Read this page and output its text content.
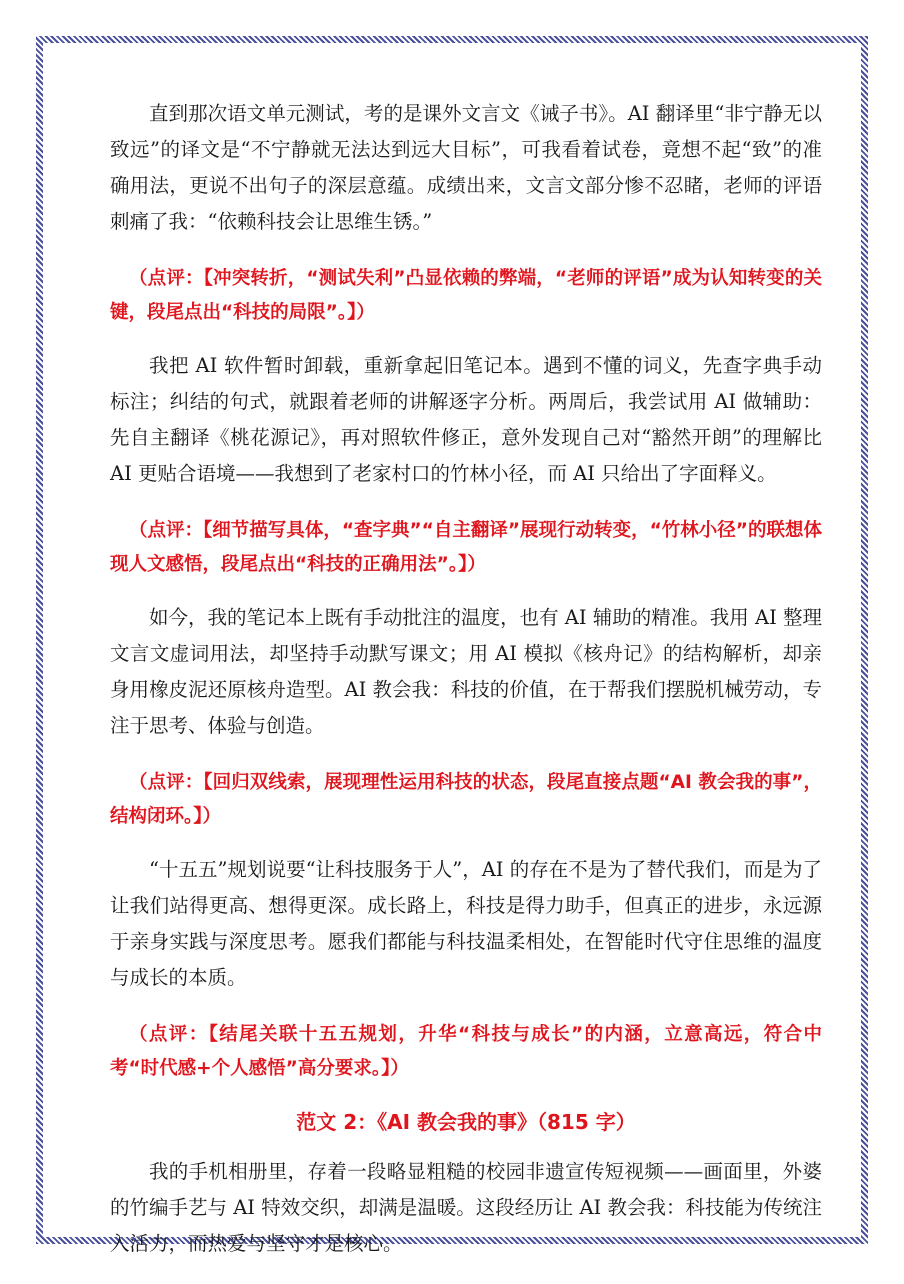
直到那次语文单元测试，考的是课外文言文《诫子书》。AI 翻译里“非宁静无以致远”的译文是“不宁静就无法达到远大目标”，可我看着试卷，竟想不起“致”的准确用法，更说不出句子的深层意蕴。成绩出来，文言文部分惨不忍睹，老师的评语刺痛了我：“依赖科技会让思维生锈。”

（点评：【冲突转折，“测试失利”凸显依赖的弊端，“老师的评语”成为认知转变的关键，段尾点出“科技的局限”。】）

我把 AI 软件暂时卸载，重新拿起旧笔记本。遇到不懂的词义，先查字典手动标注；纠结的句式，就跟着老师的讲解逐字分析。两周后，我尝试用 AI 做辅助：先自主翻译《桃花源记》，再对照软件修正，意外发现自己对“豁然开朗”的理解比 AI 更贴合语境——我想到了老家村口的竹林小径，而 AI 只给出了字面释义。

（点评：【细节描写具体，“查字典”“自主翻译”展现行动转变，“竹林小径”的联想体现人文感悟，段尾点出“科技的正确用法”。】）

如今，我的笔记本上既有手动批注的温度，也有 AI 辅助的精准。我用 AI 整理文言文虚词用法，却坚持手动默写课文；用 AI 模拟《核舟记》的结构解析，却亲身用橡皮泥还原核舟造型。AI 教会我：科技的价值，在于帮我们摆脱机械劳动，专注于思考、体验与创造。

（点评：【回归双线索，展现理性运用科技的状态，段尾直接点题“AI 教会我的事”，结构闭环。】）

“十五五”规划说要“让科技服务于人”，AI 的存在不是为了替代我们，而是为了让我们站得更高、想得更深。成长路上，科技是得力助手，但真正的进步，永远源于亲身实践与深度思考。愿我们都能与科技温柔相处，在智能时代守住思维的温度与成长的本质。

（点评：【结尾关联十五五规划，升华“科技与成长”的内涵，立意高远，符合中考“时代感+个人感悟”高分要求。】）

范文 2：《AI 教会我的事》（815 字）

我的手机相册里，存着一段略显粗糙的校园非遗宣传短视频——画面里，外婆的竹编手艺与 AI 特效交织，却满是温暖。这段经历让 AI 教会我：科技能为传统注入活力，而热爱与坚守才是核心。
